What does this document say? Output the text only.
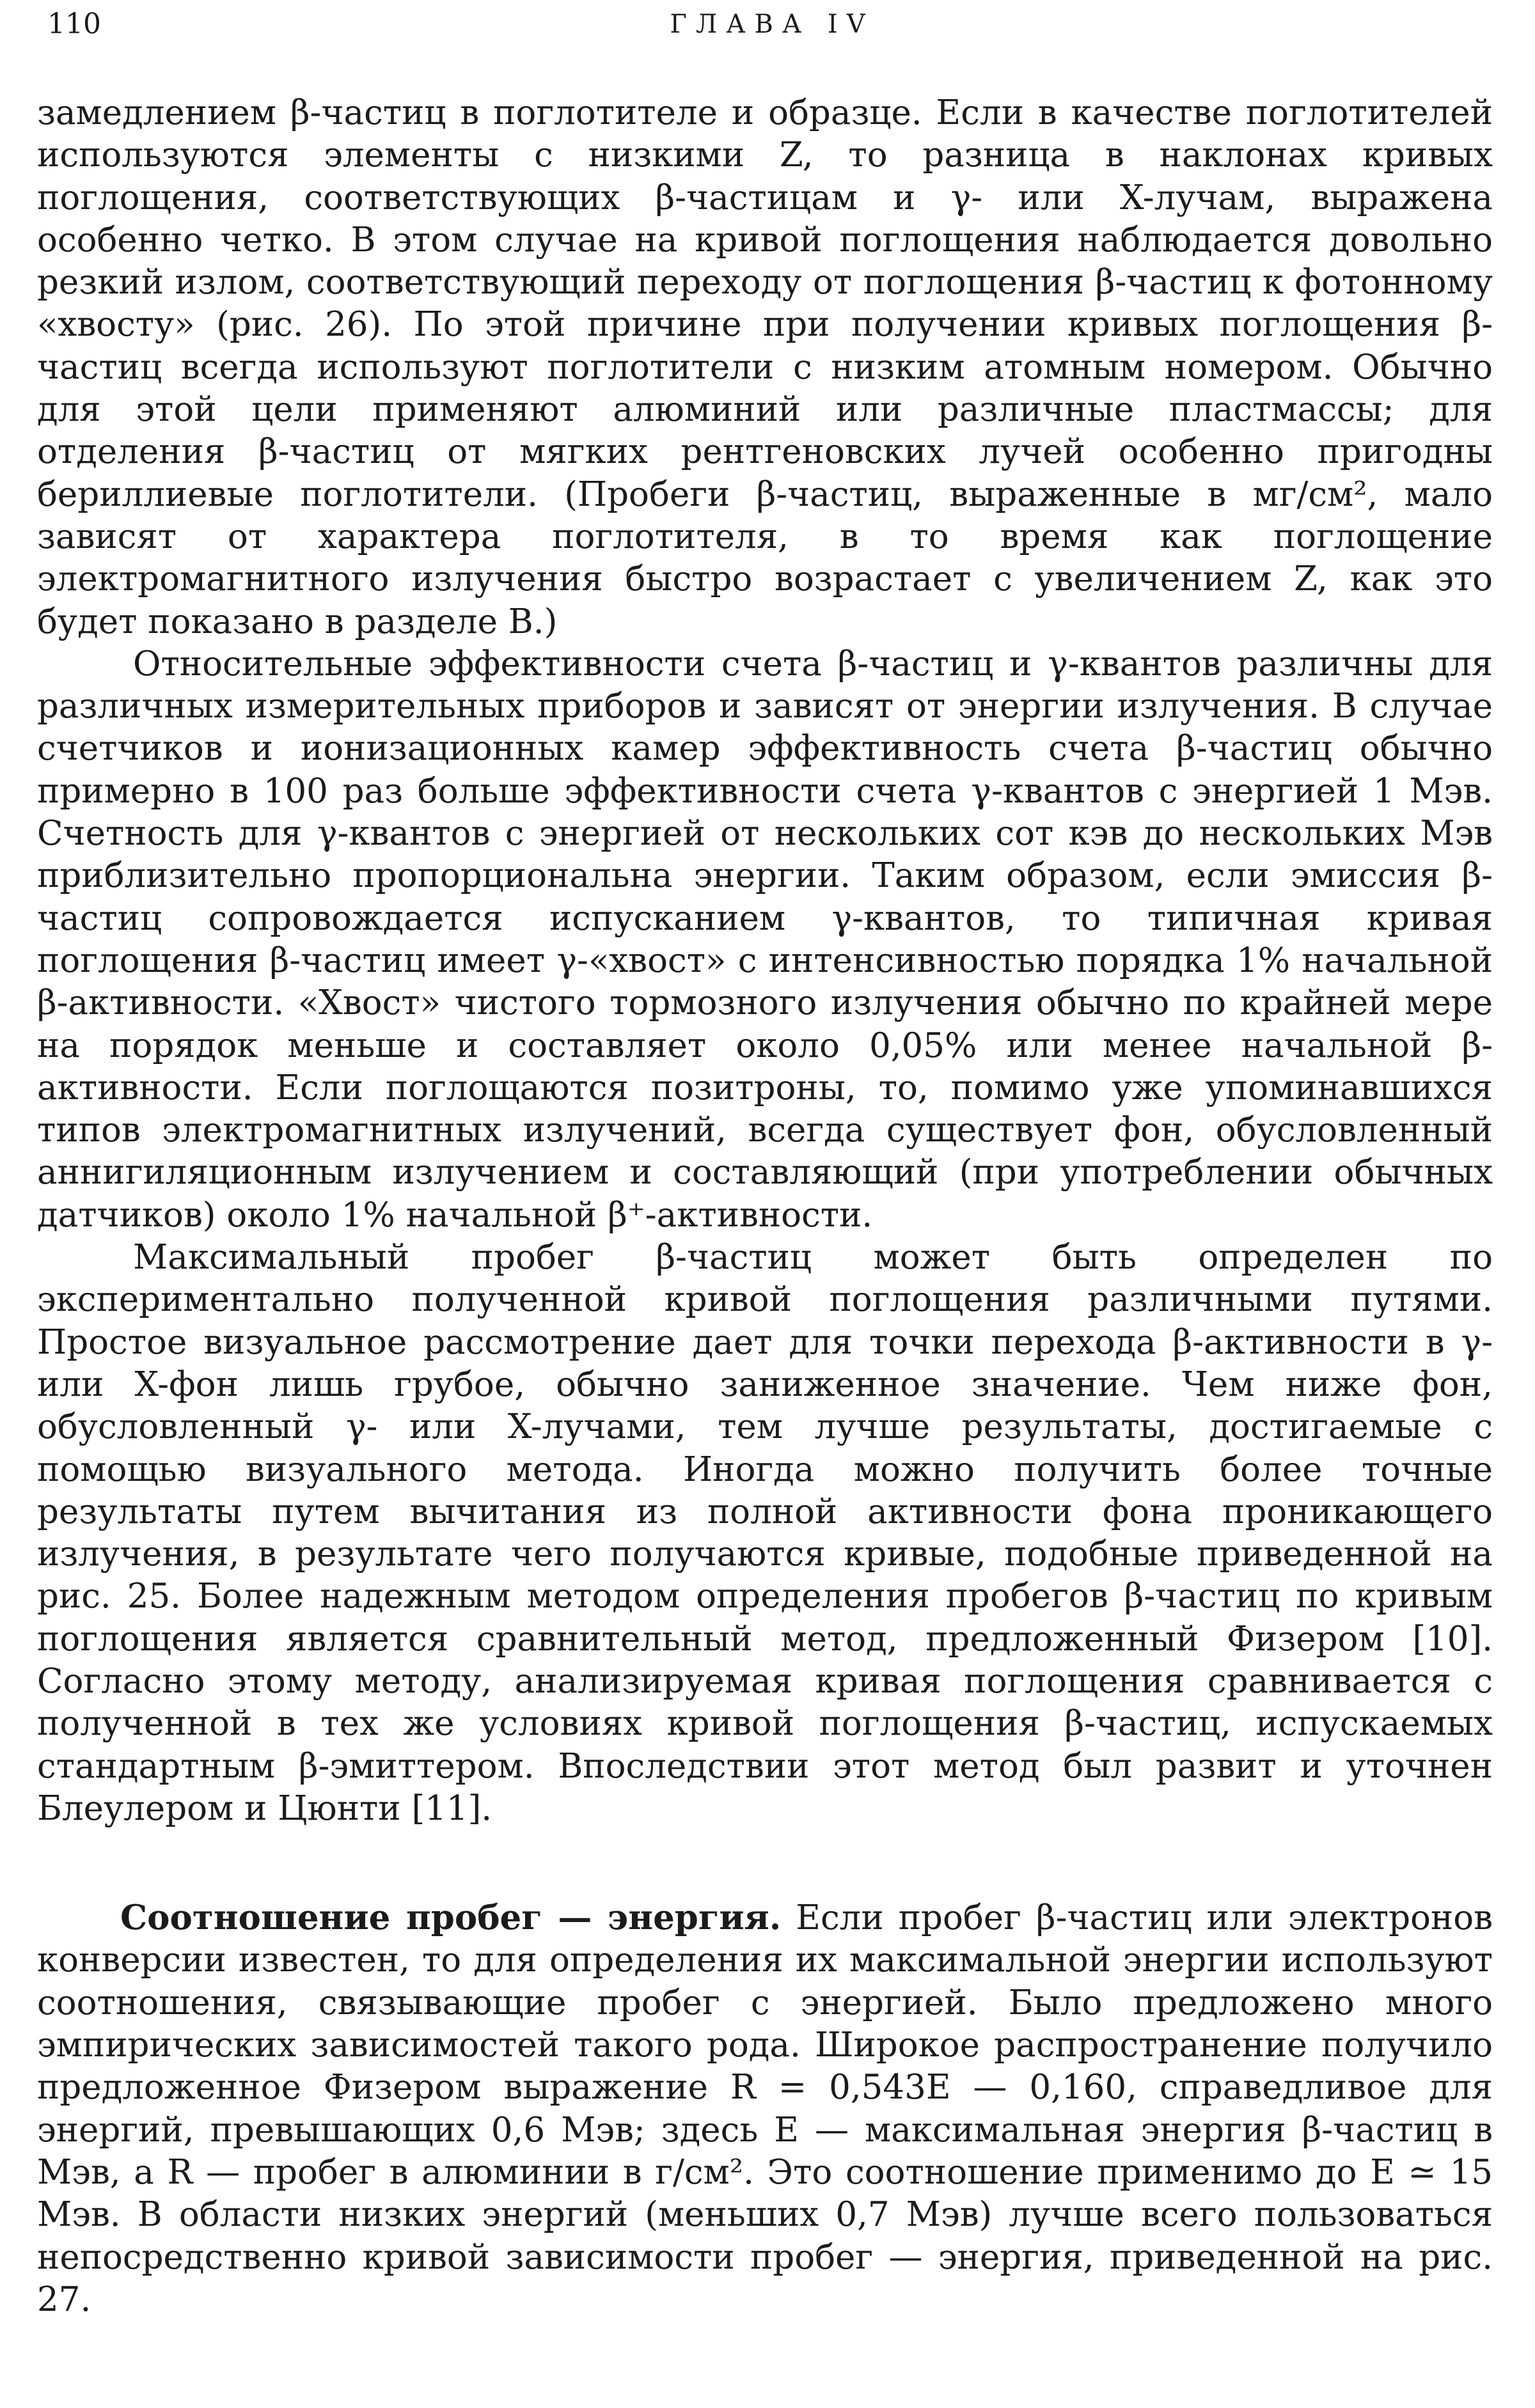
110	ГЛАВА IV

замедлением β-частиц в поглотителе и образце. Если в качестве поглотителей используются элементы с низкими Z, то разница в наклонах кривых поглощения, соответствующих β-частицам и γ- или X-лучам, выражена особенно четко. В этом случае на кривой поглощения наблюдается довольно резкий излом, соответствующий переходу от поглощения β-частиц к фотонному «хвосту» (рис. 26). По этой причине при получении кривых поглощения β-частиц всегда используют поглотители с низким атомным номером. Обычно для этой цели применяют алюминий или различные пластмассы; для отделения β-частиц от мягких рентгеновских лучей особенно пригодны бериллиевые поглотители. (Пробеги β-частиц, выраженные в мг/см², мало зависят от характера поглотителя, в то время как поглощение электромагнитного излучения быстро возрастает с увеличением Z, как это будет показано в разделе В.)

Относительные эффективности счета β-частиц и γ-квантов различны для различных измерительных приборов и зависят от энергии излучения. В случае счетчиков и ионизационных камер эффективность счета β-частиц обычно примерно в 100 раз больше эффективности счета γ-квантов с энергией 1 Мэв. Счетность для γ-квантов с энергией от нескольких сот кэв до нескольких Мэв приблизительно пропорциональна энергии. Таким образом, если эмиссия β-частиц сопровождается испусканием γ-квантов, то типичная кривая поглощения β-частиц имеет γ-«хвост» с интенсивностью порядка 1% начальной β-активности. «Хвост» чистого тормозного излучения обычно по крайней мере на порядок меньше и составляет около 0,05% или менее начальной β-активности. Если поглощаются позитроны, то, помимо уже упоминавшихся типов электромагнитных излучений, всегда существует фон, обусловленный аннигиляционным излучением и составляющий (при употреблении обычных датчиков) около 1% начальной β⁺-активности.

Максимальный пробег β-частиц может быть определен по экспериментально полученной кривой поглощения различными путями. Простое визуальное рассмотрение дает для точки перехода β-активности в γ- или X-фон лишь грубое, обычно заниженное значение. Чем ниже фон, обусловленный γ- или X-лучами, тем лучше результаты, достигаемые с помощью визуального метода. Иногда можно получить более точные результаты путем вычитания из полной активности фона проникающего излучения, в результате чего получаются кривые, подобные приведенной на рис. 25. Более надежным методом определения пробегов β-частиц по кривым поглощения является сравнительный метод, предложенный Физером [10]. Согласно этому методу, анализируемая кривая поглощения сравнивается с полученной в тех же условиях кривой поглощения β-частиц, испускаемых стандартным β-эмиттером. Впоследствии этот метод был развит и уточнен Блеулером и Цюнти [11].

Соотношение пробег — энергия. Если пробег β-частиц или электронов конверсии известен, то для определения их максимальной энергии используют соотношения, связывающие пробег с энергией. Было предложено много эмпирических зависимостей такого рода. Широкое распространение получило предложенное Физером выражение R = 0,543E — 0,160, справедливое для энергий, превышающих 0,6 Мэв; здесь E — максимальная энергия β-частиц в Мэв, а R — пробег в алюминии в г/см². Это соотношение применимо до E ≃ 15 Мэв. В области низких энергий (меньших 0,7 Мэв) лучше всего пользоваться непосредственно кривой зависимости пробег — энергия, приведенной на рис. 27.
